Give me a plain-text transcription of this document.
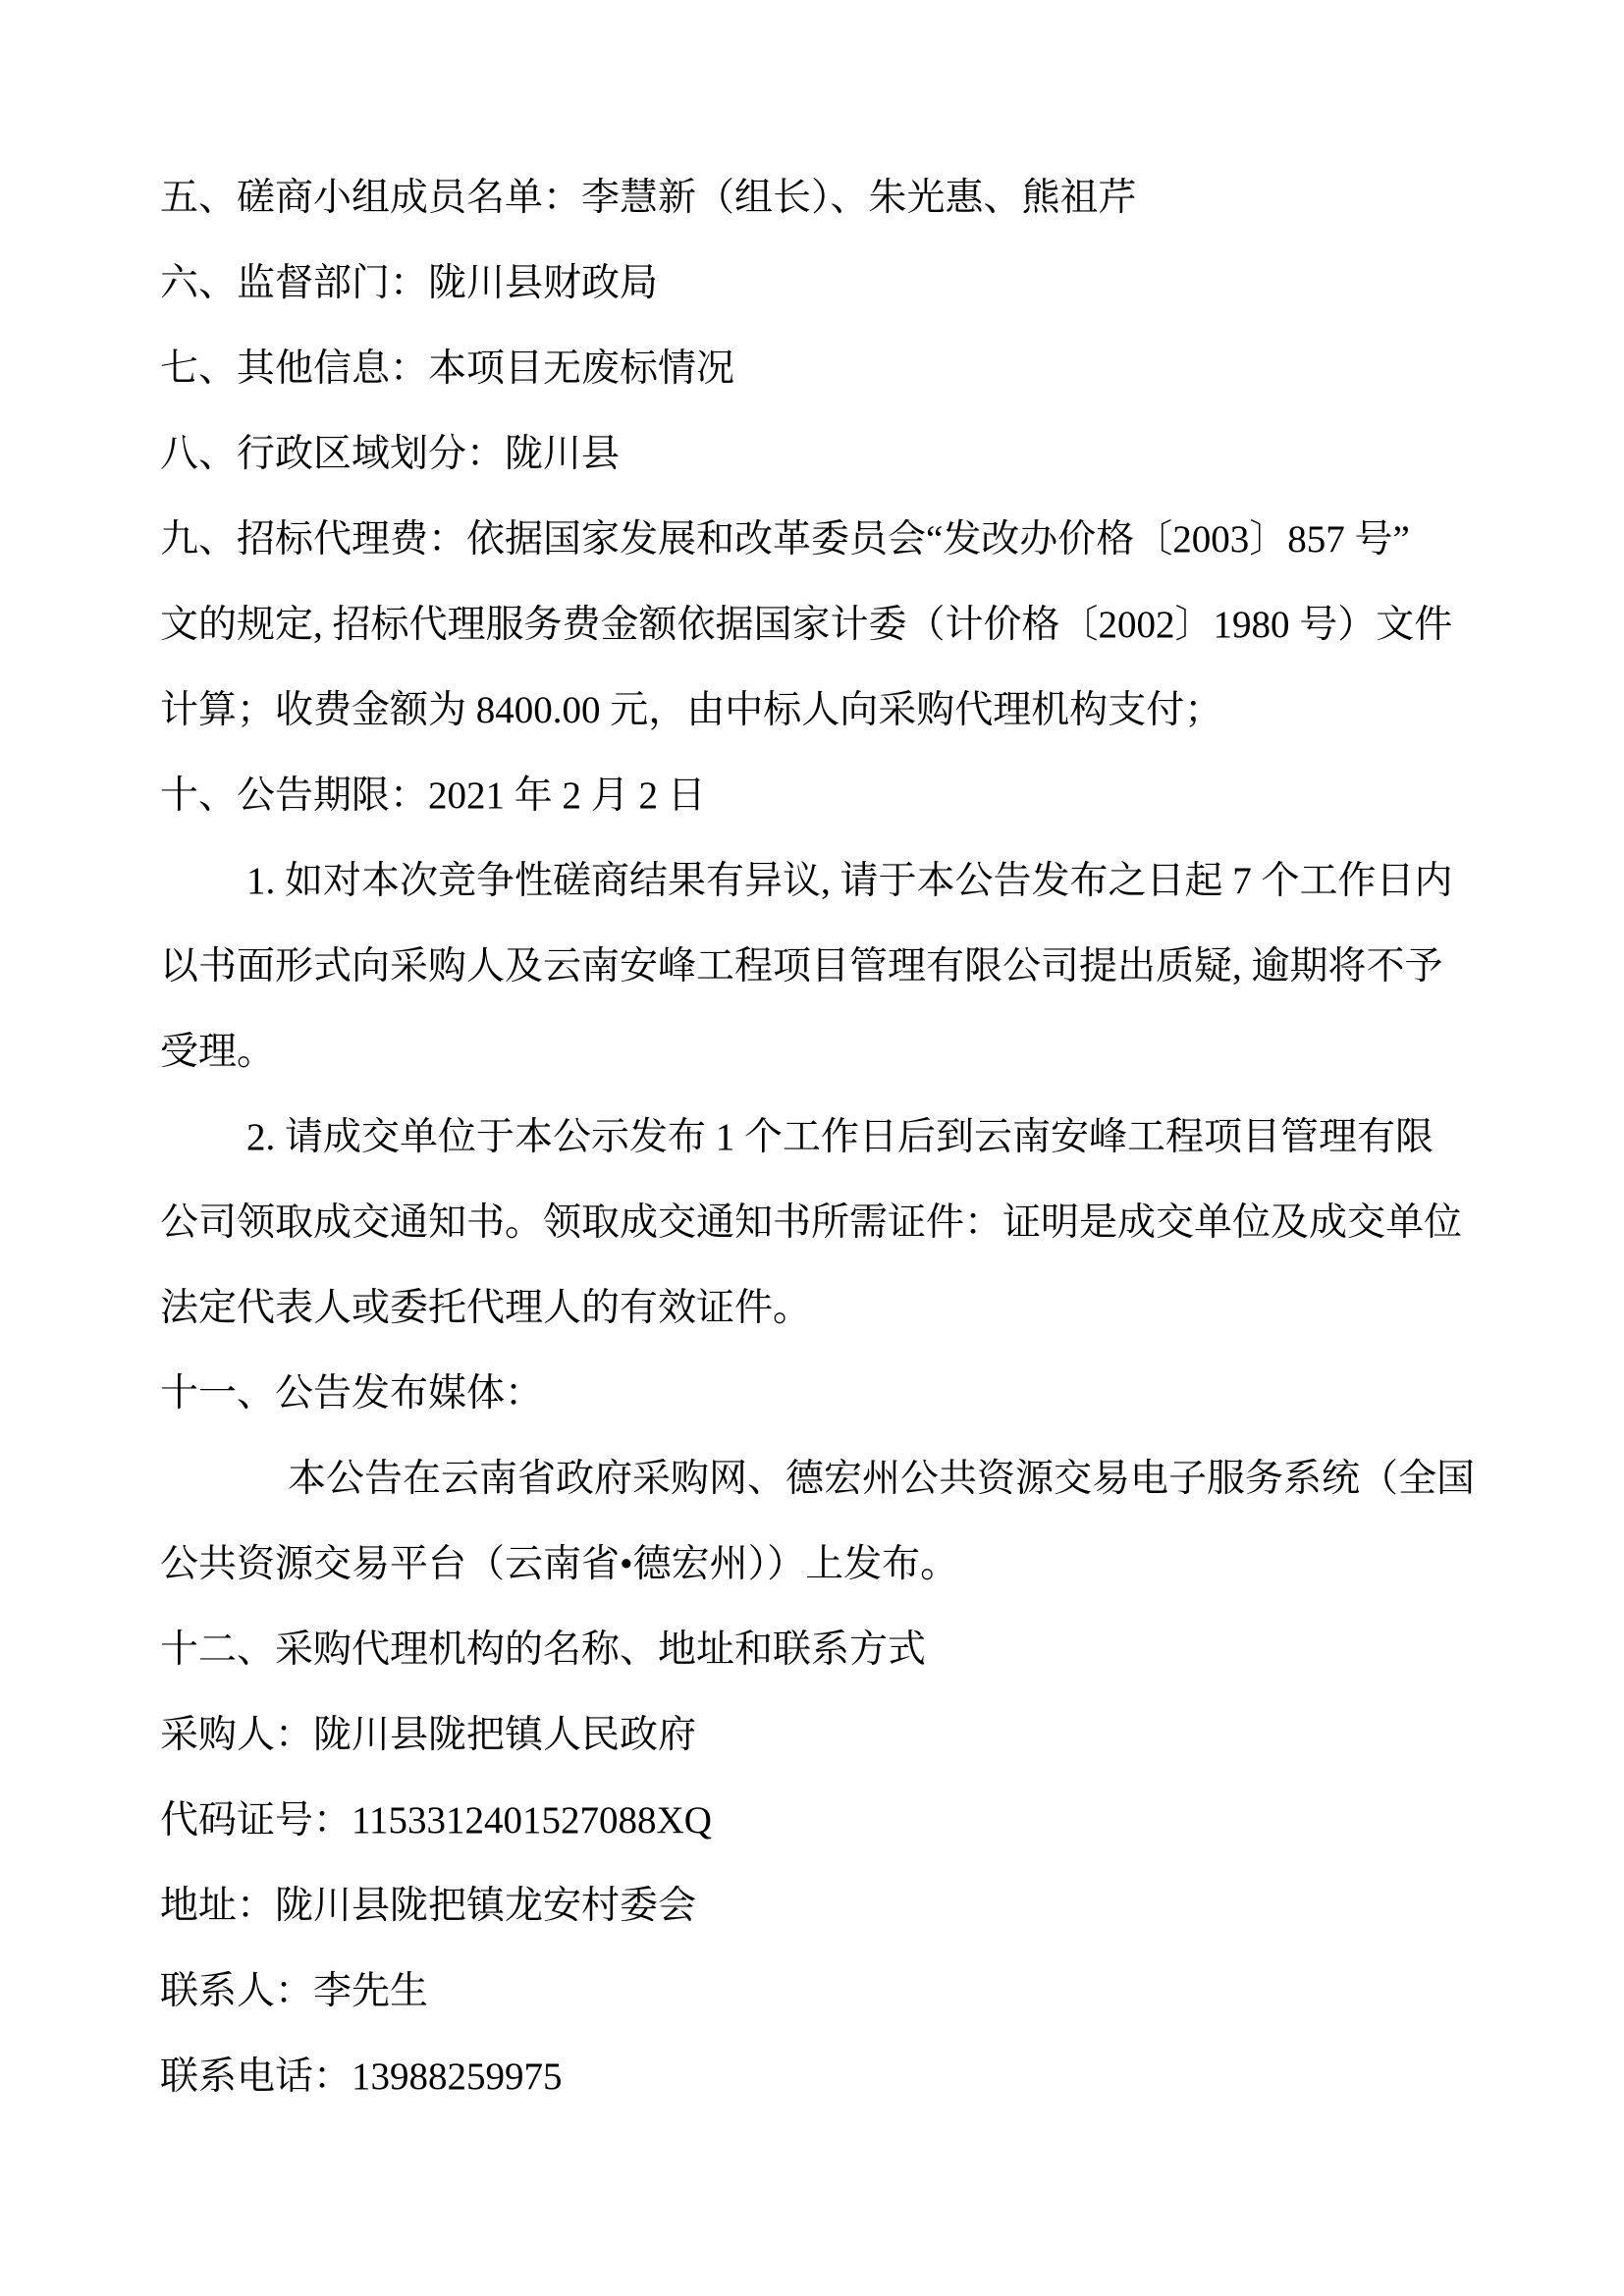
五、磋商小组成员名单：李慧新（组长）、朱光惠、熊祖芹
六、监督部门：陇川县财政局
七、其他信息：本项目无废标情况
八、行政区域划分：陇川县
九、招标代理费：依据国家发展和改革委员会“发改办价格〔2003〕857 号”
文的规定, 招标代理服务费金额依据国家计委（计价格〔2002〕1980 号）文件
计算；收费金额为 8400.00 元，由中标人向采购代理机构支付；
十、公告期限：2021 年 2 月 2 日
1. 如对本次竞争性磋商结果有异议, 请于本公告发布之日起 7 个工作日内
以书面形式向采购人及云南安峰工程项目管理有限公司提出质疑, 逾期将不予
受理。
2. 请成交单位于本公示发布 1 个工作日后到云南安峰工程项目管理有限
公司领取成交通知书。领取成交通知书所需证件：证明是成交单位及成交单位
法定代表人或委托代理人的有效证件。
十一、公告发布媒体：
本公告在云南省政府采购网、德宏州公共资源交易电子服务系统（全国
公共资源交易平台（云南省•德宏州））上发布。
十二、采购代理机构的名称、地址和联系方式
采购人：陇川县陇把镇人民政府
代码证号：1153312401527088XQ
地址：陇川县陇把镇龙安村委会
联系人：李先生
联系电话：13988259975
